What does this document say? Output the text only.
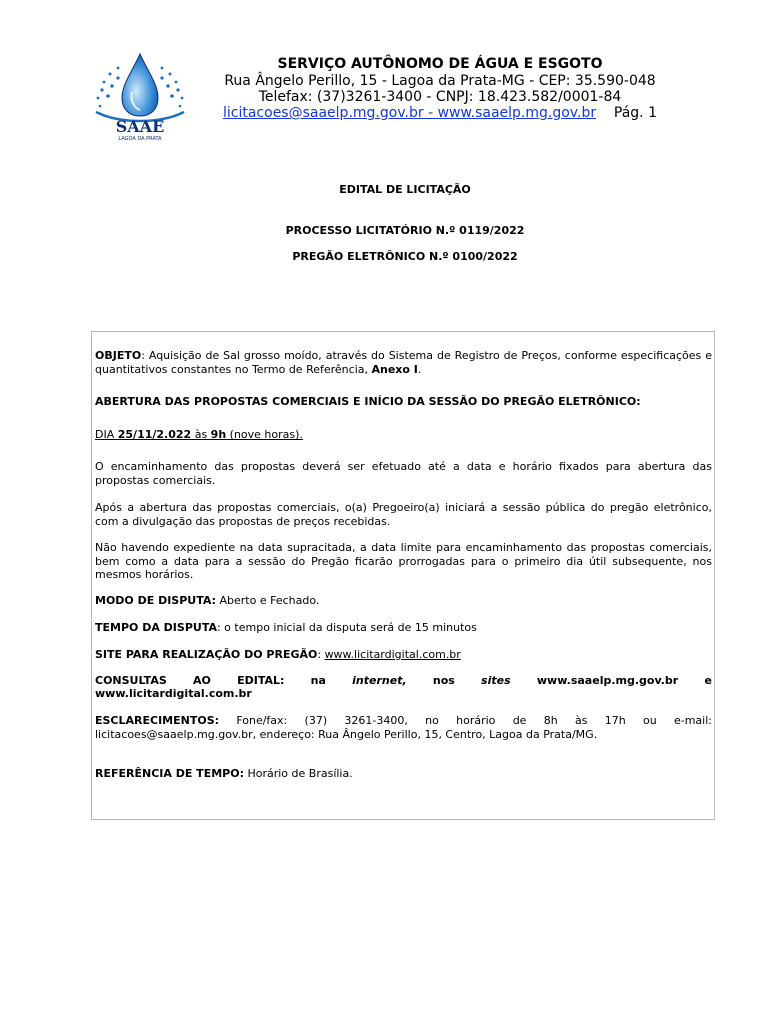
SAAE
LAGOA DA PRATA
SERVIÇO AUTÔNOMO DE ÁGUA E ESGOTO
Rua Ângelo Perillo, 15 - Lagoa da Prata-MG - CEP: 35.590-048
Telefax: (37)3261-3400 - CNPJ: 18.423.582/0001-84
licitacoes@saaelp.mg.gov.br - www.saaelp.mg.gov.br Pág. 1
EDITAL DE LICITAÇÃO
PROCESSO LICITATÓRIO N.º 0119/2022
PREGÃO ELETRÔNICO N.º 0100/2022
OBJETO: Aquisição de Sal grosso moído, através do Sistema de Registro de Preços, conforme especificações e quantitativos constantes no Termo de Referência, Anexo I.
ABERTURA DAS PROPOSTAS COMERCIAIS E INÍCIO DA SESSÃO DO PREGÃO ELETRÔNICO:
DIA 25/11/2.022 às 9h (nove horas).
O encaminhamento das propostas deverá ser efetuado até a data e horário fixados para abertura das propostas comerciais.
Após a abertura das propostas comerciais, o(a) Pregoeiro(a) iniciará a sessão pública do pregão eletrônico, com a divulgação das propostas de preços recebidas.
Não havendo expediente na data supracitada, a data limite para encaminhamento das propostas comerciais, bem como a data para a sessão do Pregão ficarão prorrogadas para o primeiro dia útil subsequente, nos mesmos horários.
MODO DE DISPUTA: Aberto e Fechado.
TEMPO DA DISPUTA: o tempo inicial da disputa será de 15 minutos
SITE PARA REALIZAÇÃO DO PREGÃO: www.licitardigital.com.br
CONSULTAS AO EDITAL: na internet, nos sites www.saaelp.mg.gov.br e
www.licitardigital.com.br
ESCLARECIMENTOS: Fone/fax: (37) 3261-3400, no horário de 8h às 17h ou e-mail: licitacoes@saaelp.mg.gov.br, endereço: Rua Ângelo Perillo, 15, Centro, Lagoa da Prata/MG.
REFERÊNCIA DE TEMPO: Horário de Brasília.
